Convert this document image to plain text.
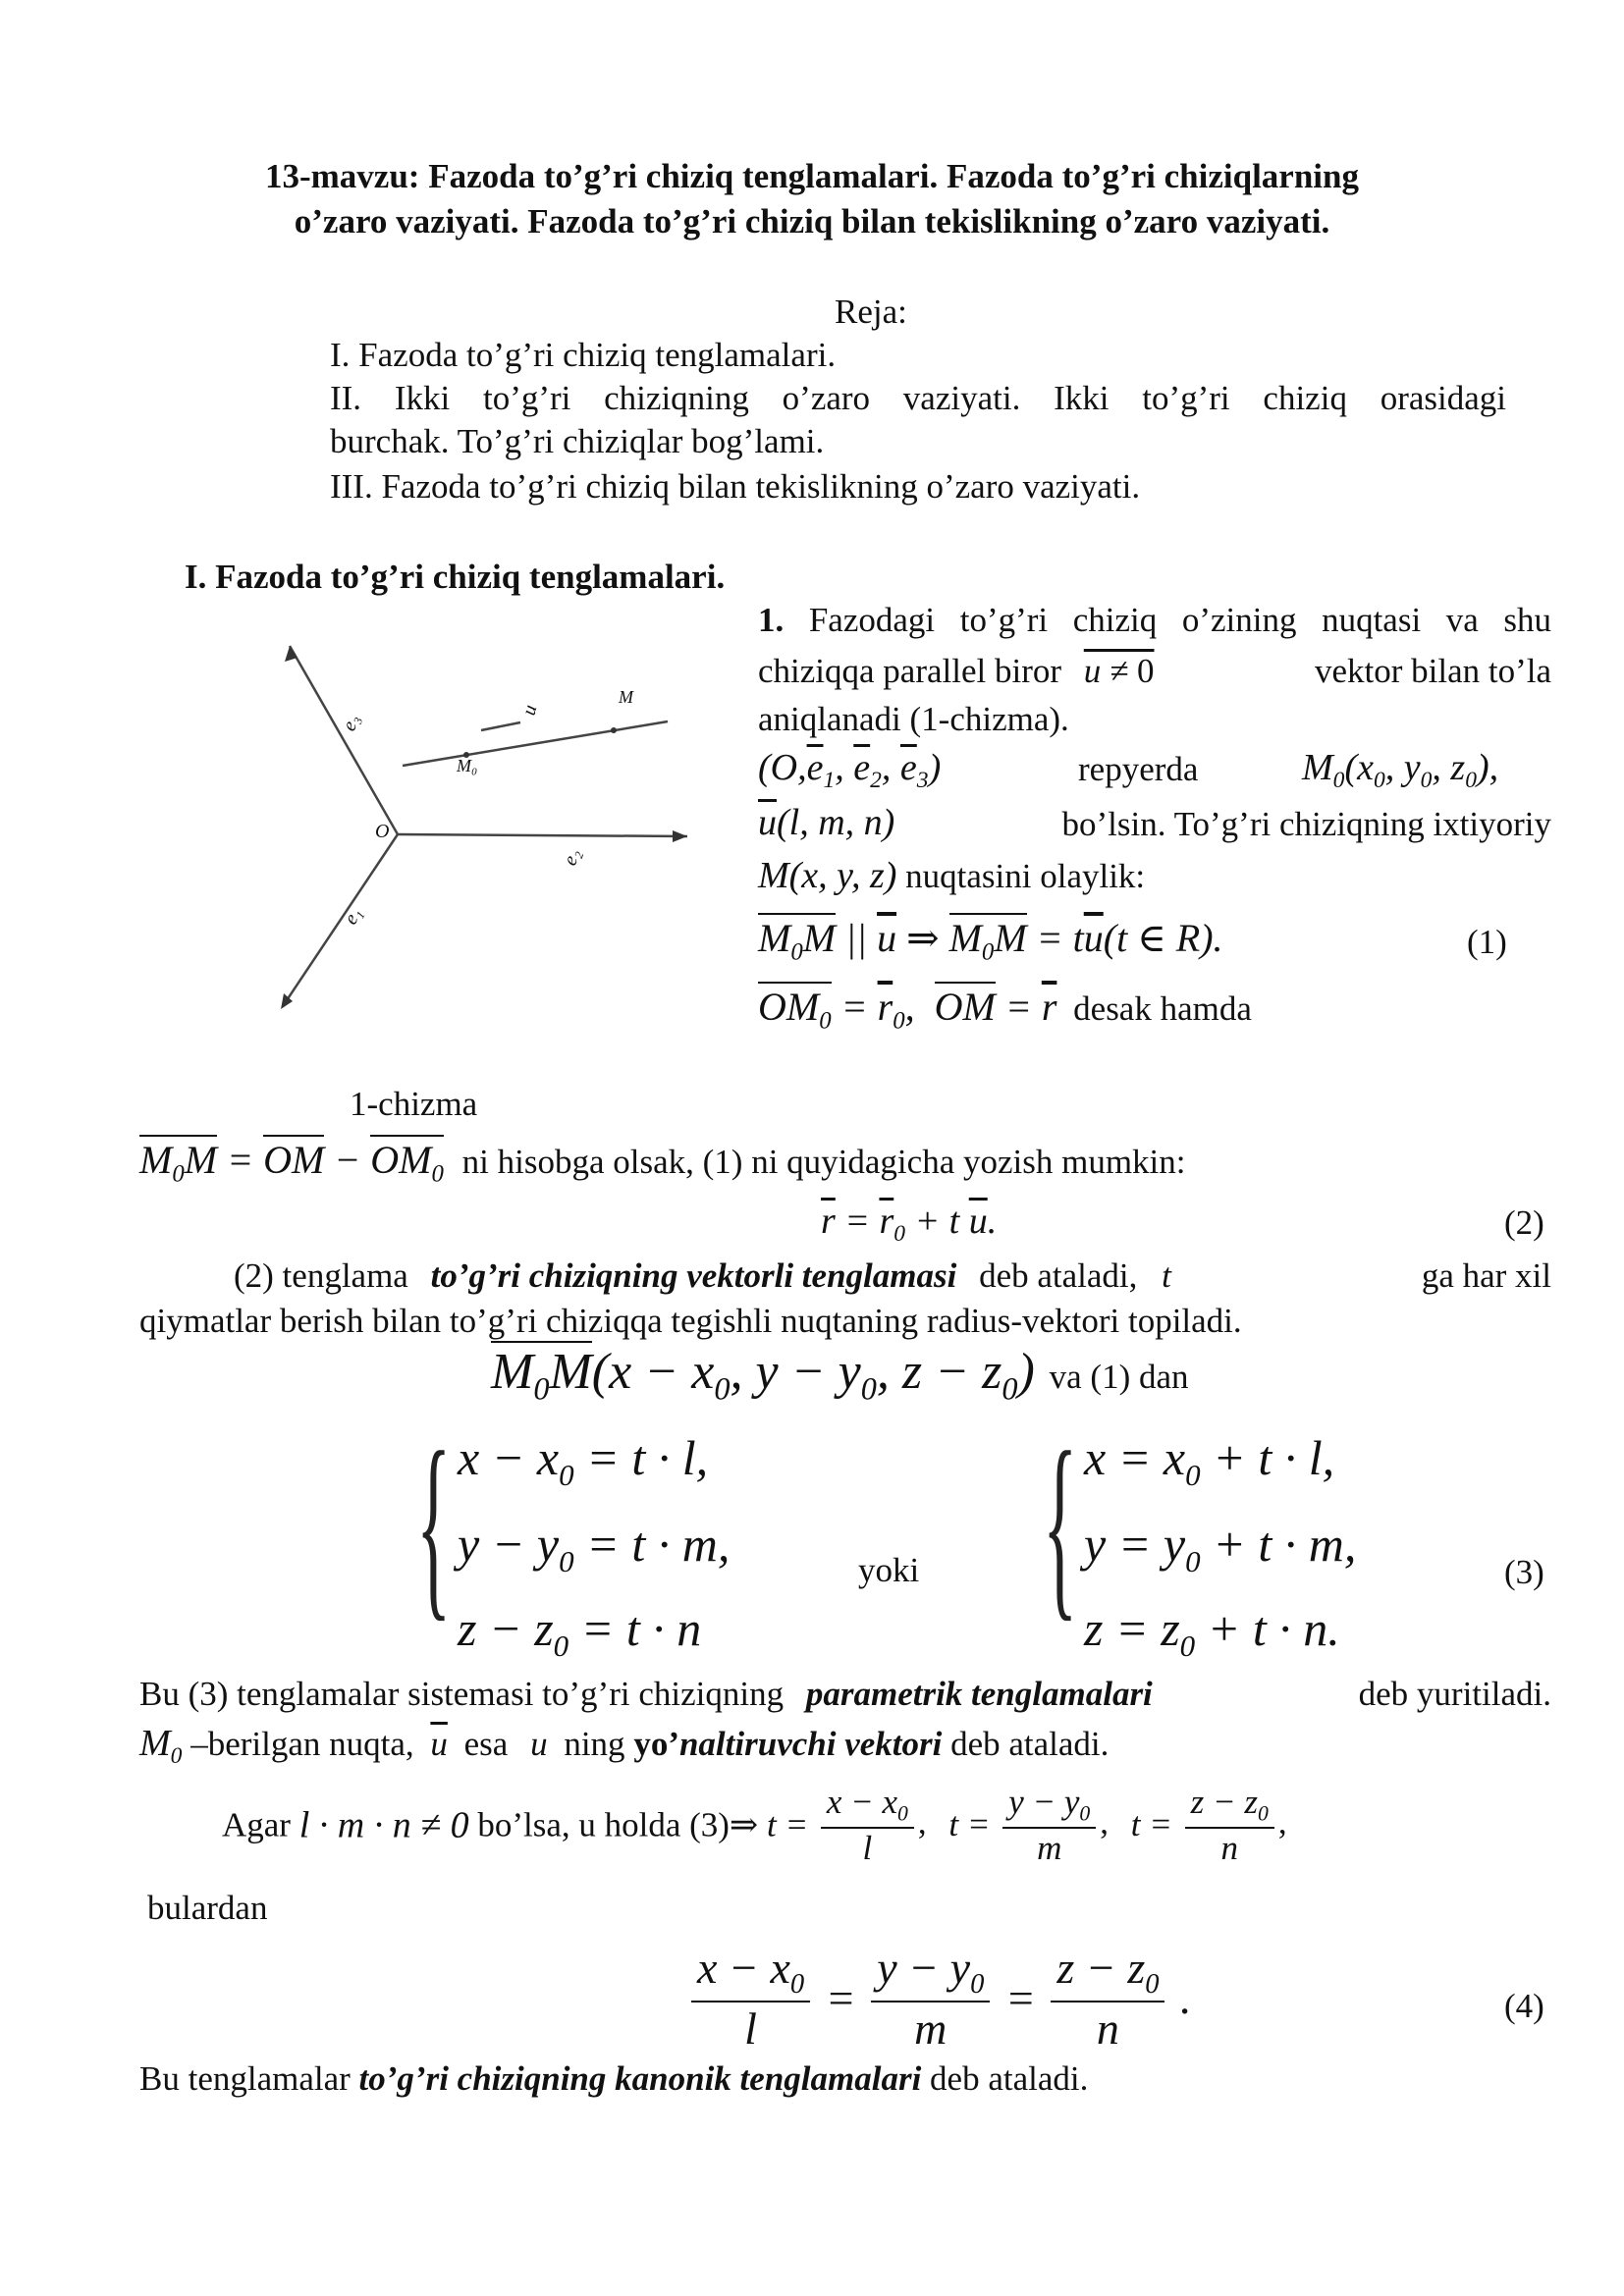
13-mavzu: Fazoda to’g’ri chiziq tenglamalari. Fazoda to’g’ri chiziqlarning
o’zaro vaziyati. Fazoda to’g’ri chiziq bilan tekislikning o’zaro vaziyati.
Reja:
I. Fazoda to’g’ri chiziq tenglamalari.
II. Ikki to’g’ri chiziqning o’zaro vaziyati. Ikki to’g’ri chiziq orasidagi
burchak. To’g’ri chiziqlar bog’lami.
III. Fazoda to’g’ri chiziq bilan tekislikning o’zaro vaziyati.
I. Fazoda to’g’ri chiziq tenglamalari.
1. Fazodagi to’g’ri chiziq o’zining nuqtasi va shu
chiziqqa parallel biror u ≠ 0	vektor bilan to’la
aniqlanadi (1-chizma).
($O,\overline{e}_1$, $\overline{e}_2$, $\overline{e}_3$)	repyerda	$M_0(x_0$, $y_0$, $z_0$),
$\overline{u}(l$, m, n)	bo’lsin. To’g’ri chiziqning ixtiyoriy
M(x, y, z) nuqtasini olaylik:
$M_0M$ || $\overline{u}$ ⇒ $M_0M = t\overline{u}(t$ ∈ R).	(1)
$OM_0 = \overline{r}_0$,  OM = $\overline{r}$ desak hamda
e₃
u
M
M₀
O
e₂
e₁
1-chizma
$M_0M$ = OM − $OM_0$ ni hisobga olsak, (1) ni quyidagicha yozish mumkin:
$\overline{r} = \overline{r}_0 + t$ $\overline{u}$.	(2)
(2) tenglama to’g’ri chiziqning vektorli tenglamasi deb ataladi, t	ga har xil
qiymatlar berish bilan to’g’ri chiziqqa tegishli nuqtaning radius-vektori topiladi.
$M_0M(x - x_0$, $y - y_0$, $z - z_0$) va (1) dan
{ $x - x_0 = t \cdot l$,
$y - y_0 = t \cdot m$,
$z - z_0 = t \cdot n$
yoki { $x = x_0 + t \cdot l$,
$y = y_0 + t \cdot m$,
$z = z_0 + t \cdot n$.
(3)
Bu (3) tenglamalar sistemasi to’g’ri chiziqning parametrik tenglamalari	deb yuritiladi.
$M_0$ –berilgan nuqta, $\overline{u}$ esa u ning yo’naltiruvchi vektori deb ataladi.
Agar l · m · n ≠ 0 bo’lsa, u holda (3)⇒ $t = \frac{x - x_0}{l}$ , $t = \frac{y - y_0}{m}$ , $t = \frac{z - z_0}{n}$ ,
bulardan
$\frac{x - x_0}{l} = \frac{y - y_0}{m} = \frac{z - z_0}{n}$ .	(4)
Bu tenglamalar to’g’ri chiziqning kanonik tenglamalari deb ataladi.
